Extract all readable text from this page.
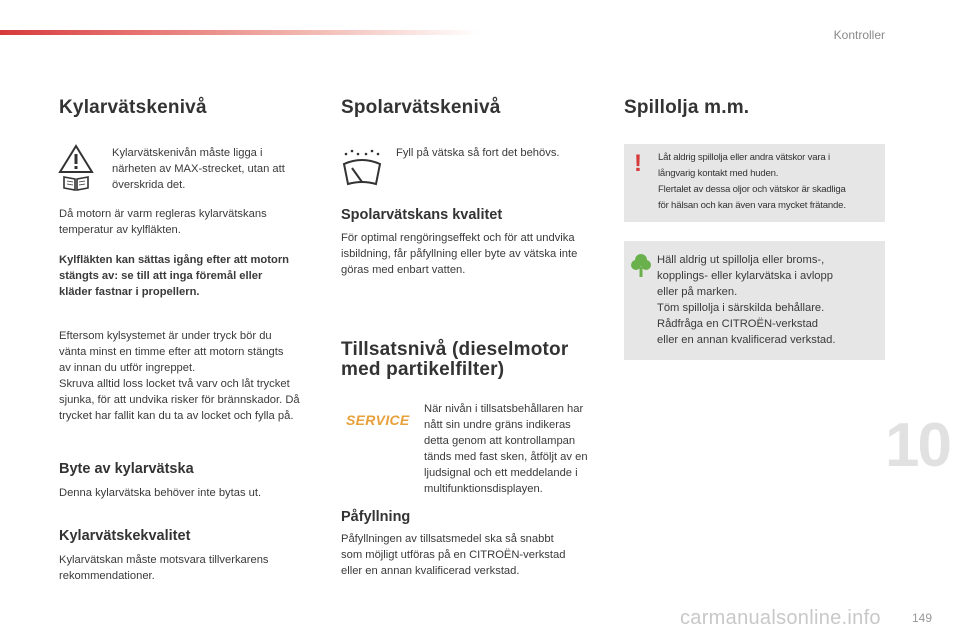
Kontroller
Kylarvätskenivå
Kylarvätskenivån måste ligga i
närheten av MAX-strecket, utan att
överskrida det.
Då motorn är varm regleras kylarvätskans
temperatur av kylfläkten.
Kylfläkten kan sättas igång efter att motorn
stängts av: se till att inga föremål eller
kläder fastnar i propellern.
Eftersom kylsystemet är under tryck bör du
vänta minst en timme efter att motorn stängts
av innan du utför ingreppet.
Skruva alltid loss locket två varv och låt trycket
sjunka, för att undvika risker för brännskador. Då
trycket har fallit kan du ta av locket och fylla på.
Byte av kylarvätska
Denna kylarvätska behöver inte bytas ut.
Kylarvätskekvalitet
Kylarvätskan måste motsvara tillverkarens
rekommendationer.
Spolarvätskenivå
Fyll på vätska så fort det behövs.
Spolarvätskans kvalitet
För optimal rengöringseffekt och för att undvika
isbildning, får påfyllning eller byte av vätska inte
göras med enbart vatten.
Tillsatsnivå (dieselmotor
med partikelfilter)
SERVICE
När nivån i tillsatsbehållaren har
nått sin undre gräns indikeras
detta genom att kontrollampan
tänds med fast sken, åtföljt av en
ljudsignal och ett meddelande i
multifunktionsdisplayen.
Påfyllning
Påfyllningen av tillsatsmedel ska så snabbt
som möjligt utföras på en CITROËN-verkstad
eller en annan kvalificerad verkstad.
Spillolja m.m.
! Låt aldrig spillolja eller andra vätskor vara i
långvarig kontakt med huden.
Flertalet av dessa oljor och vätskor är skadliga
för hälsan och kan även vara mycket frätande.
Häll aldrig ut spillolja eller broms-,
kopplings- eller kylarvätska i avlopp
eller på marken.
Töm spillolja i särskilda behållare.
Rådfråga en CITROËN-verkstad
eller en annan kvalificerad verkstad.
10
carmanualsonline.info	149
